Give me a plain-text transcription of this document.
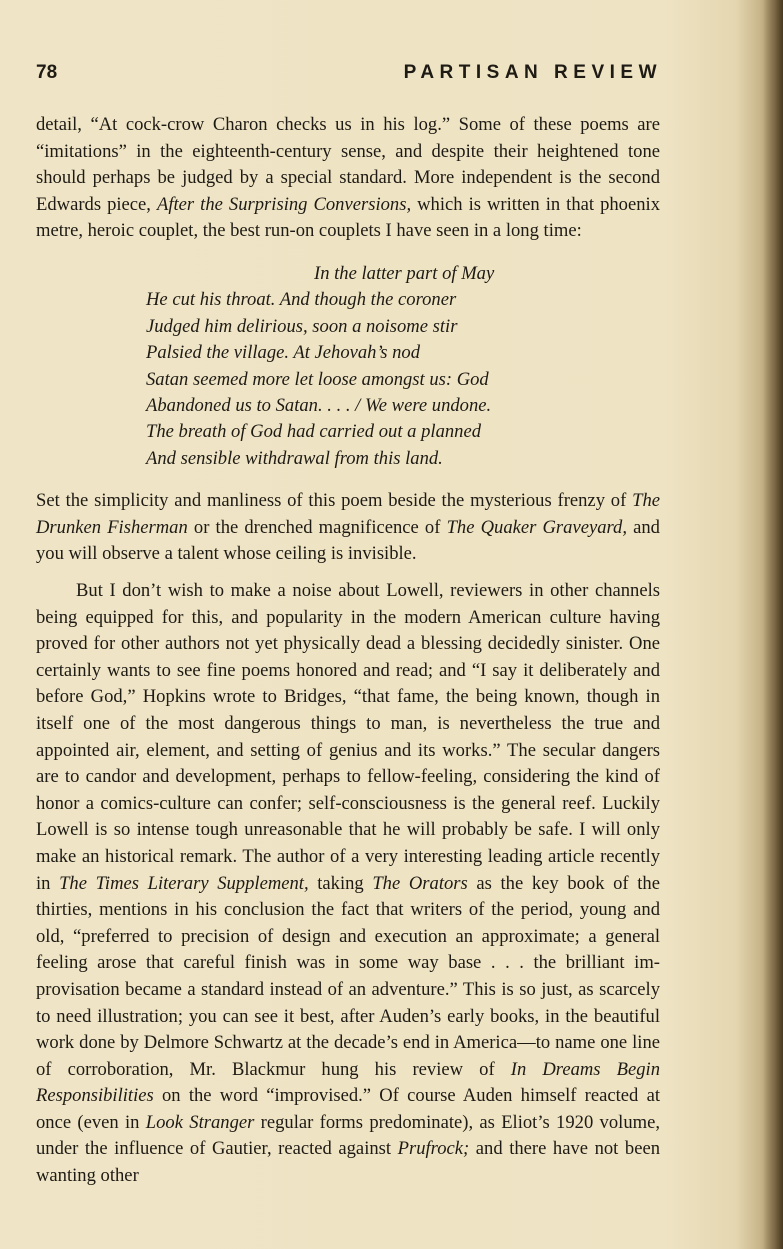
78	PARTISAN REVIEW

detail, “At cock-crow Charon checks us in his log.” Some of these poems are “imitations” in the eighteenth-century sense, and despite their heightened tone should perhaps be judged by a special standard. More independent is the second Edwards piece, After the Surprising Conversions, which is written in that phoenix metre, heroic couplet, the best run-on couplets I have seen in a long time:

In the latter part of May
He cut his throat. And though the coroner
Judged him delirious, soon a noisome stir
Palsied the village. At Jehovah’s nod
Satan seemed more let loose amongst us: God
Abandoned us to Satan. . . . / We were undone.
The breath of God had carried out a planned
And sensible withdrawal from this land.

Set the simplicity and manliness of this poem beside the mysterious frenzy of The Drunken Fisherman or the drenched magnificence of The Quaker Graveyard, and you will observe a talent whose ceiling is invisible.

But I don’t wish to make a noise about Lowell, reviewers in other channels being equipped for this, and popularity in the modern American culture having proved for other authors not yet physically dead a blessing decidedly sinister. One certainly wants to see fine poems honored and read; and “I say it deliberately and before God,” Hopkins wrote to Bridges, “that fame, the being known, though in itself one of the most dangerous things to man, is nevertheless the true and appointed air, element, and setting of genius and its works.” The secular dangers are to candor and development, perhaps to fellow-feeling, considering the kind of honor a comics-culture can confer; self-consciousness is the general reef. Luckily Lowell is so intense tough unreasonable that he will probably be safe. I will only make an historical remark. The author of a very interesting leading article recently in The Times Literary Supplement, taking The Orators as the key book of the thirties, mentions in his conclusion the fact that writers of the period, young and old, “preferred to precision of design and execution an approximate; a general feeling arose that careful finish was in some way base . . . the brilliant improvisation became a standard instead of an adventure.” This is so just, as scarcely to need illustration; you can see it best, after Auden’s early books, in the beautiful work done by Delmore Schwartz at the decade’s end in America—to name one line of corroboration, Mr. Blackmur hung his review of In Dreams Begin Responsibilities on the word “improvised.” Of course Auden himself reacted at once (even in Look Stranger regular forms predominate), as Eliot’s 1920 volume, under the influence of Gautier, reacted against Prufrock; and there have not been wanting other
